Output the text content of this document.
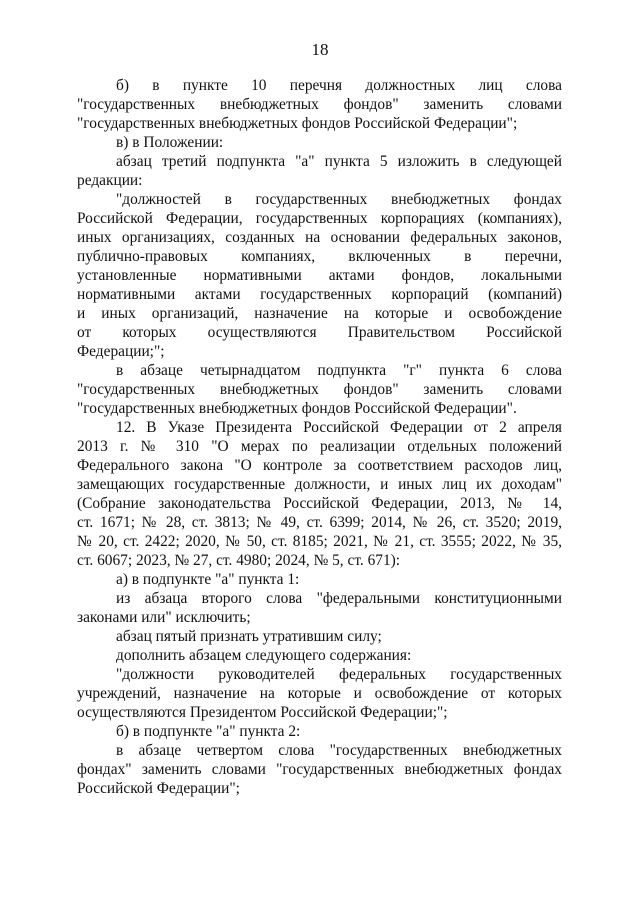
18
б) в пункте 10 перечня должностных лиц слова
"государственных внебюджетных фондов" заменить словами
"государственных внебюджетных фондов Российской Федерации";
в) в Положении:
абзац третий подпункта "а" пункта 5 изложить в следующей
редакции:
"должностей в государственных внебюджетных фондах
Российской Федерации, государственных корпорациях (компаниях),
иных организациях, созданных на основании федеральных законов,
публично-правовых компаниях, включенных в перечни,
установленные нормативными актами фондов, локальными
нормативными актами государственных корпораций (компаний)
и иных организаций, назначение на которые и освобождение
от которых осуществляются Правительством Российской
Федерации;";
в абзаце четырнадцатом подпункта "г" пункта 6 слова
"государственных внебюджетных фондов" заменить словами
"государственных внебюджетных фондов Российской Федерации".
12. В Указе Президента Российской Федерации от 2 апреля
2013 г. № 310 "О мерах по реализации отдельных положений
Федерального закона "О контроле за соответствием расходов лиц,
замещающих государственные должности, и иных лиц их доходам"
(Собрание законодательства Российской Федерации, 2013, № 14,
ст. 1671; № 28, ст. 3813; № 49, ст. 6399; 2014, № 26, ст. 3520; 2019,
№ 20, ст. 2422; 2020, № 50, ст. 8185; 2021, № 21, ст. 3555; 2022, № 35,
ст. 6067; 2023, № 27, ст. 4980; 2024, № 5, ст. 671):
а) в подпункте "а" пункта 1:
из абзаца второго слова "федеральными конституционными
законами или" исключить;
абзац пятый признать утратившим силу;
дополнить абзацем следующего содержания:
"должности руководителей федеральных государственных
учреждений, назначение на которые и освобождение от которых
осуществляются Президентом Российской Федерации;";
б) в подпункте "а" пункта 2:
в абзаце четвертом слова "государственных внебюджетных
фондах" заменить словами "государственных внебюджетных фондах
Российской Федерации";
